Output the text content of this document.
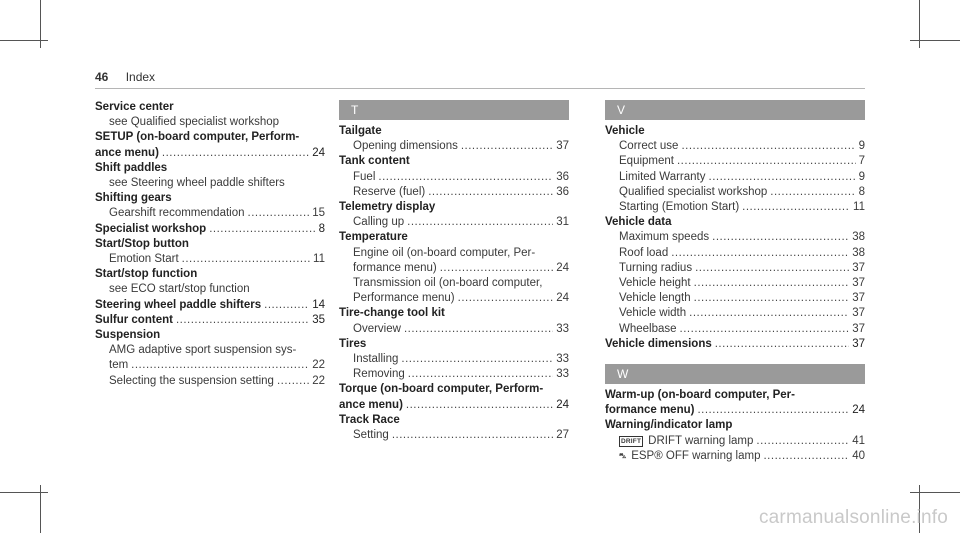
46 Index
Service center
see Qualified specialist workshop
SETUP (on-board computer, Perform-
ance menu) .....	24
Shift paddles
see Steering wheel paddle shifters
Shifting gears
Gearshift recommendation .....	15
Specialist workshop .....	8
Start/Stop button
Emotion Start .....	11
Start/stop function
see ECO start/stop function
Steering wheel paddle shifters .....	14
Sulfur content .....	35
Suspension
AMG adaptive sport suspension sys-
tem .....	22
Selecting the suspension setting .....	22
T
Tailgate
Opening dimensions .....	37
Tank content
Fuel .....	36
Reserve (fuel) .....	36
Telemetry display
Calling up .....	31
Temperature
Engine oil (on-board computer, Per-
formance menu) .....	24
Transmission oil (on-board computer,
Performance menu) .....	24
Tire-change tool kit
Overview .....	33
Tires
Installing .....	33
Removing .....	33
Torque (on-board computer, Perform-
ance menu) .....	24
Track Race
Setting .....	27
V
Vehicle
Correct use .....	9
Equipment .....	7
Limited Warranty .....	9
Qualified specialist workshop .....	8
Starting (Emotion Start) .....	11
Vehicle data
Maximum speeds .....	38
Roof load .....	38
Turning radius .....	37
Vehicle height .....	37
Vehicle length .....	37
Vehicle width .....	37
Wheelbase .....	37
Vehicle dimensions .....	37
W
Warm-up (on-board computer, Per-
formance menu) .....	24
Warning/indicator lamp
DRIFT DRIFT warning lamp .....	41
⛍ ESP® OFF warning lamp .....	40
carmanualsonline.info
